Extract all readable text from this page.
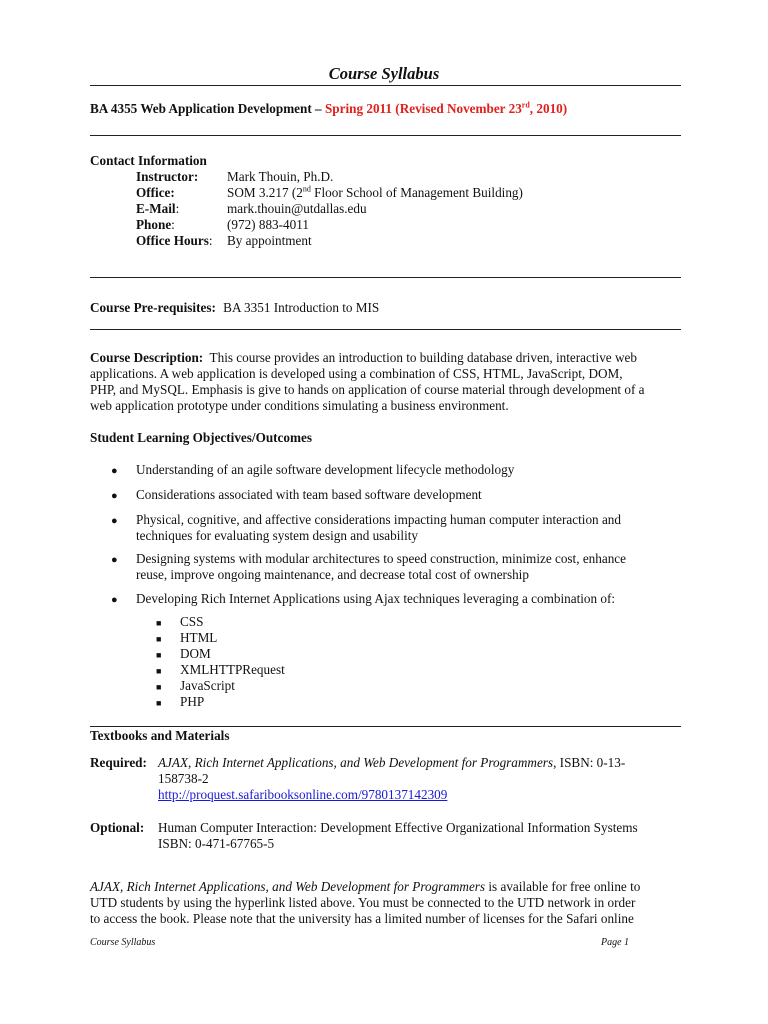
Course Syllabus
BA 4355 Web Application Development – Spring 2011 (Revised November 23rd, 2010)
Contact Information
Instructor: Mark Thouin, Ph.D.
Office:	SOM 3.217 (2nd Floor School of Management Building)
E-Mail:	mark.thouin@utdallas.edu
Phone:	(972) 883-4011
Office Hours: By appointment
Course Pre-requisites: BA 3351 Introduction to MIS
Course Description:  This course provides an introduction to building database driven, interactive web
applications. A web application is developed using a combination of CSS, HTML, JavaScript, DOM,
PHP, and MySQL. Emphasis is give to hands on application of course material through development of a
web application prototype under conditions simulating a business environment.
Student Learning Objectives/Outcomes
● Understanding of an agile software development lifecycle methodology
● Considerations associated with team based software development
● Physical, cognitive, and affective considerations impacting human computer interaction and
techniques for evaluating system design and usability
● Designing systems with modular architectures to speed construction, minimize cost, enhance
reuse, improve ongoing maintenance, and decrease total cost of ownership
● Developing Rich Internet Applications using Ajax techniques leveraging a combination of:
■ CSS
■ HTML
■ DOM
■ XMLHTTPRequest
■ JavaScript
■ PHP
Textbooks and Materials
Required: AJAX, Rich Internet Applications, and Web Development for Programmers, ISBN: 0-13-
158738-2
http://proquest.safaribooksonline.com/9780137142309
Optional: Human Computer Interaction: Development Effective Organizational Information Systems
ISBN: 0-471-67765-5
AJAX, Rich Internet Applications, and Web Development for Programmers is available for free online to
UTD students by using the hyperlink listed above. You must be connected to the UTD network in order
to access the book. Please note that the university has a limited number of licenses for the Safari online
Course Syllabus	Page 1
